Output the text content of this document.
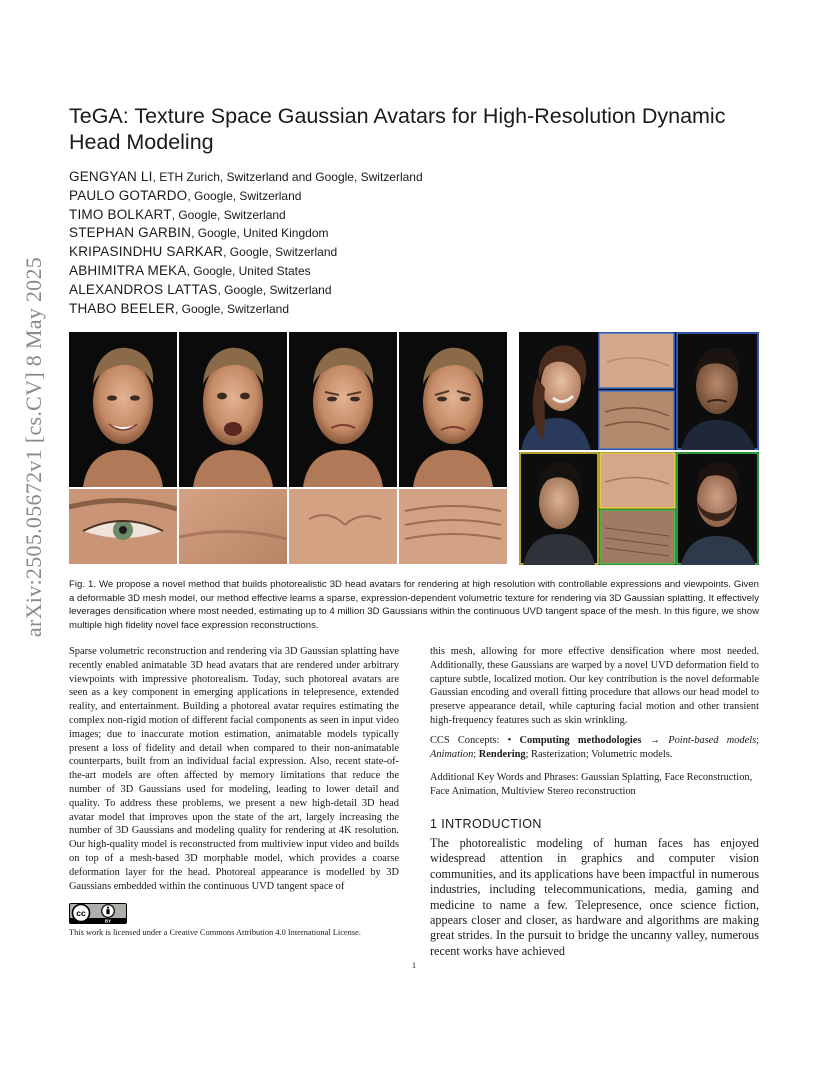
arXiv:2505.05672v1 [cs.CV] 8 May 2025
TeGA: Texture Space Gaussian Avatars for High-Resolution Dynamic Head Modeling
GENGYAN LI, ETH Zurich, Switzerland and Google, Switzerland
PAULO GOTARDO, Google, Switzerland
TIMO BOLKART, Google, Switzerland
STEPHAN GARBIN, Google, United Kingdom
KRIPASINDHU SARKAR, Google, Switzerland
ABHIMITRA MEKA, Google, United States
ALEXANDROS LATTAS, Google, Switzerland
THABO BEELER, Google, Switzerland

Fig. 1. We propose a novel method that builds photorealistic 3D head avatars for rendering at high resolution with controllable expressions and viewpoints. Given a deformable 3D mesh model, our method effective learns a sparse, expression-dependent volumetric texture for rendering via 3D Gaussian splatting. It effectively leverages densification where most needed, estimating up to 4 million 3D Gaussians within the continuous UVD tangent space of the mesh. In this figure, we show multiple high fidelity novel face expression reconstructions.

Sparse volumetric reconstruction and rendering via 3D Gaussian splatting have recently enabled animatable 3D head avatars that are rendered under arbitrary viewpoints with impressive photorealism. Today, such photoreal avatars are seen as a key component in emerging applications in telepresence, extended reality, and entertainment. Building a photoreal avatar requires estimating the complex non-rigid motion of different facial components as seen in input video images; due to inaccurate motion estimation, animatable models typically present a loss of fidelity and detail when compared to their non-animatable counterparts, built from an individual facial expression. Also, recent state-of-the-art models are often affected by memory limitations that reduce the number of 3D Gaussians used for modeling, leading to lower detail and quality. To address these problems, we present a new high-detail 3D head avatar model that improves upon the state of the art, largely increasing the number of 3D Gaussians and modeling quality for rendering at 4K resolution. Our high-quality model is reconstructed from multiview input video and builds on top of a mesh-based 3D morphable model, which provides a coarse deformation layer for the head. Photoreal appearance is modelled by 3D Gaussians embedded within the continuous UVD tangent space of

this mesh, allowing for more effective densification where most needed. Additionally, these Gaussians are warped by a novel UVD deformation field to capture subtle, localized motion. Our key contribution is the novel deformable Gaussian encoding and overall fitting procedure that allows our head model to preserve appearance detail, while capturing facial motion and other transient high-frequency features such as skin wrinkling.

CCS Concepts: • Computing methodologies → Point-based models; Animation; Rendering; Rasterization; Volumetric models.

Additional Key Words and Phrases: Gaussian Splatting, Face Reconstruction, Face Animation, Multiview Stereo reconstruction

1 INTRODUCTION

The photorealistic modeling of human faces has enjoyed widespread attention in graphics and computer vision communities, and its applications have been impactful in numerous industries, including telecommunications, media, gaming and medicine to name a few. Telepresence, once science fiction, appears closer and closer, as hardware and algorithms are making great strides. In the pursuit to bridge the uncanny valley, numerous recent works have achieved

cc
BY
This work is licensed under a Creative Commons Attribution 4.0 International License.
1
